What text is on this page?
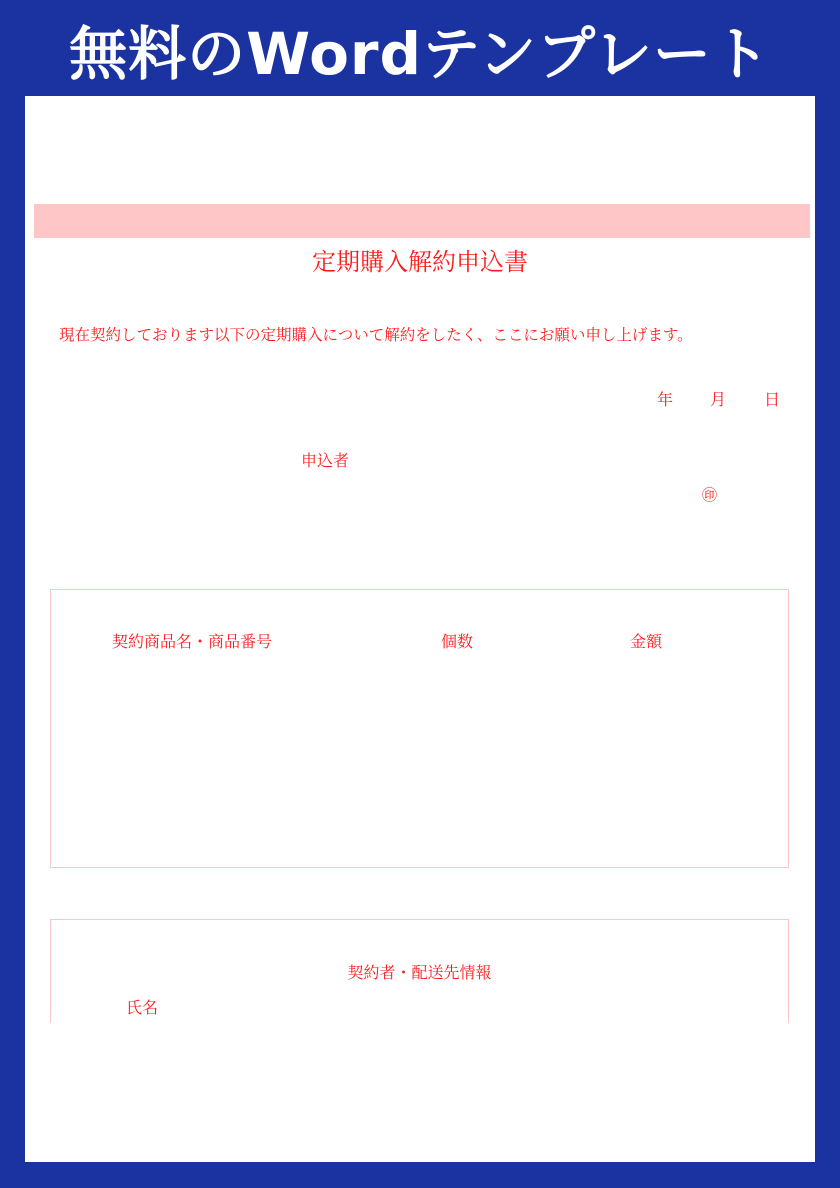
無料のWordテンプレート
定期購入解約申込書
現在契約しております以下の定期購入について解約をしたく、ここにお願い申し上げます。
年 月 日
申込者
㊞
契約商品名・商品番号	個数	金額
契約者・配送先情報
氏名
